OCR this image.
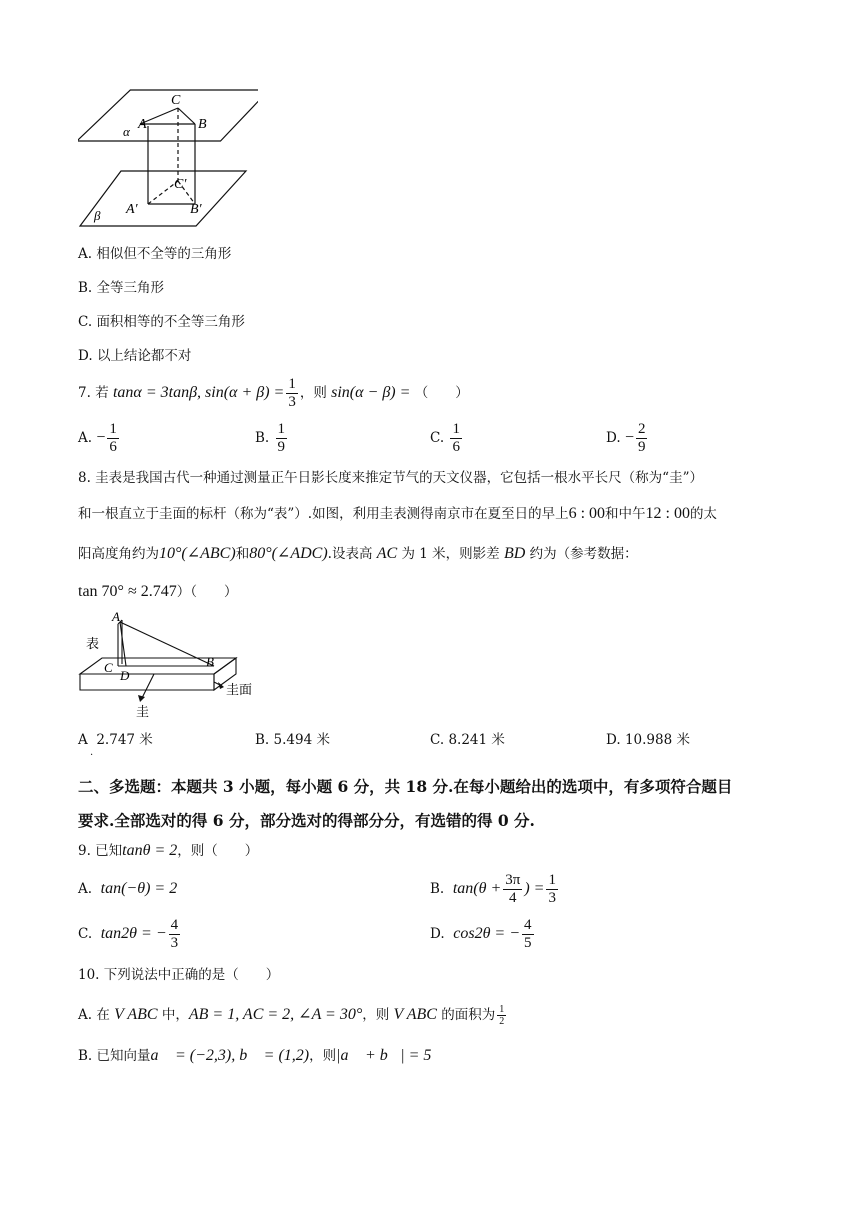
C
A	B
α
C′
A′	B′
β
A. 相似但不全等的三角形
B. 全等三角形
C. 面积相等的不全等三角形
D. 以上结论都不对
7. 若 tanα = 3tanβ, $\sin(\alpha + \beta) = \frac{1}{3}$ ，则 sin(α − β) = （　　）
A. − $\frac{1}{6}$	B. $\frac{1}{9}$	C. $\frac{1}{6}$	D. − $\frac{2}{9}$
8. 圭表是我国古代一种通过测量正午日影长度来推定节气的天文仪器，它包括一根水平长尺（称为“圭”）
和一根直立于圭面的标杆（称为“表”）.如图，利用圭表测得南京市在夏至日的早上6 : 00和中午12 : 00的太
阳高度角约为10°(∠ABC)和80°(∠ADC).设表高 AC 为 1 米，则影差 BD 约为（参考数据：
tan 70° ≈ 2.747）（　　）
A
表
C
D
B
圭面
圭
A 2.747 米
.
B. 5.494 米	C. 8.241 米	D. 10.988 米
二、多选题：本题共 3 小题，每小题 6 分，共 18 分.在每小题给出的选项中，有多项符合题目
要求.全部选对的得 6 分，部分选对的得部分分，有选错的得 0 分.
9. 已知tanθ = 2，则（　　）
A. tan(−θ) = 2	B. $\tan(\theta + \frac{3\pi}{4}$ ) = $\frac{1}{3}$
C. tan2θ = − $\frac{4}{3}$	D. cos2θ = − $\frac{4}{5}$
10. 下列说法中正确的是（　　）
A. 在 V ABC 中，AB = 1, AC = 2, ∠A = 30°，则 V ABC 的面积为 $\frac{1}{2}$
B. 已知向量a⃗ = (−2,3), b⃗ = (1,2)，则|a⃗ + b⃗| = 5
